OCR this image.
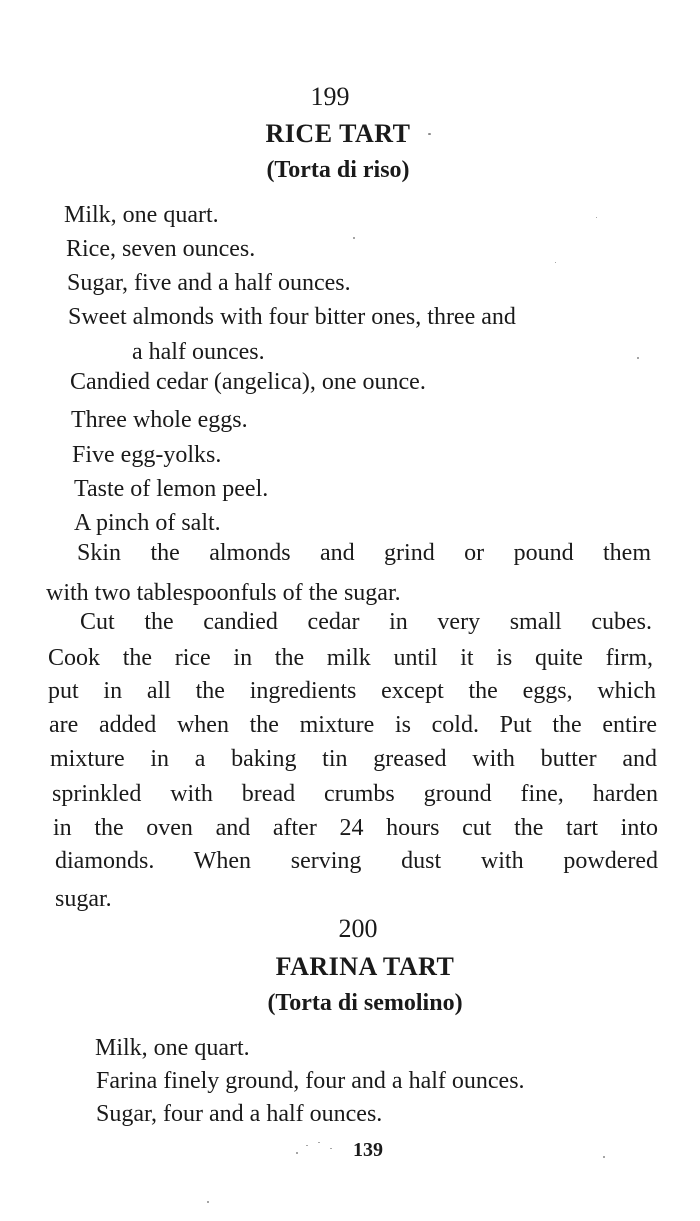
199
RICE TART
(Torta di riso)
Milk, one quart.
Rice, seven ounces.
Sugar, five and a half ounces.
Sweet almonds with four bitter ones, three and
a half ounces.
Candied cedar (angelica), one ounce.
Three whole eggs.
Five egg-yolks.
Taste of lemon peel.
A pinch of salt.
Skin the almonds and grind or pound them
with two tablespoonfuls of the sugar.
Cut the candied cedar in very small cubes.
Cook the rice in the milk until it is quite firm,
put in all the ingredients except the eggs, which
are added when the mixture is cold. Put the entire
mixture in a baking tin greased with butter and
sprinkled with bread crumbs ground fine, harden
in the oven and after 24 hours cut the tart into
diamonds. When serving dust with powdered
sugar.
200
FARINA TART
(Torta di semolino)
Milk, one quart.
Farina finely ground, four and a half ounces.
Sugar, four and a half ounces.
139
